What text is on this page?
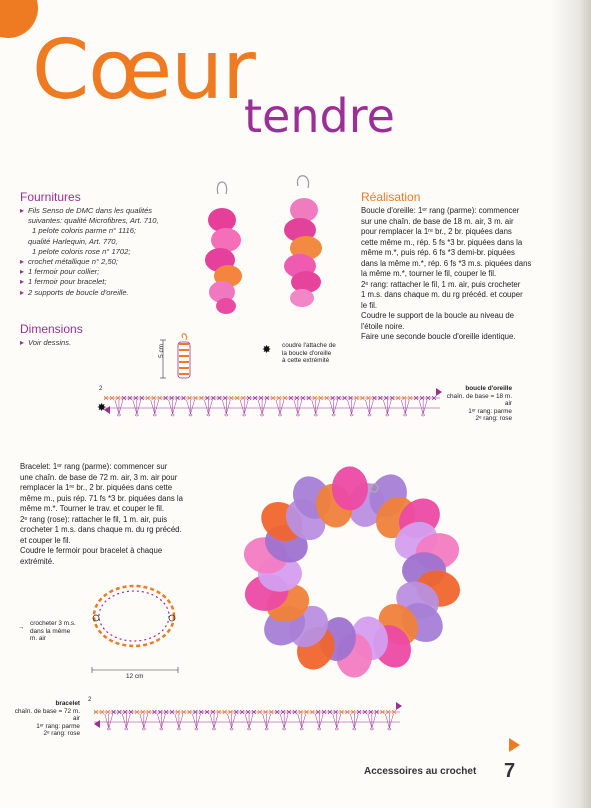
Cœur
tendre
Fournitures
▸ Fils Senso de DMC dans les qualités
suivantes: qualité Microfibres, Art. 710,
1 pelote coloris parme n° 1116;
qualité Harlequin, Art. 770,
1 pelote coloris rose n° 1702;
▸ crochet métallique n° 2,50;
▸ 1 fermoir pour collier;
▸ 1 fermoir pour bracelet;
▸ 2 supports de boucle d'oreille.
Dimensions
▸ Voir dessins.
Réalisation
Boucle d'oreille: 1ᵉʳ rang (parme): commencer
sur une chaîn. de base de 18 m. air, 3 m. air
pour remplacer la 1ʳᵉ br., 2 br. piquées dans
cette même m., rép. 5 fs *3 br. piquées dans la
même m.*, puis rép. 6 fs *3 demi-br. piquées
dans la même m.*, rép. 6 fs *3 m.s. piquées dans
la même m.*, tourner le fil, couper le fil.
2ᵉ rang: rattacher le fil, 1 m. air, puis crocheter
1 m.s. dans chaque m. du rg précéd. et couper
le fil.
Coudre le support de la boucle au niveau de
l'étoile noire.
Faire une seconde boucle d'oreille identique.
5 cm	✸ coudre l'attache de
la boucle d'oreille
à cette extrémité
2
✸
boucle d'oreille
chaîn. de base = 18 m. air
1ᵉʳ rang: parme
2ᵉ rang: rose
Bracelet: 1ᵉʳ rang (parme): commencer sur
une chaîn. de base de 72 m. air, 3 m. air pour
remplacer la 1ʳᵉ br., 2 br. piquées dans cette
même m., puis rép. 71 fs *3 br. piquées dans la
même m.*. Tourner le trav. et couper le fil.
2ᵉ rang (rose): rattacher le fil, 1 m. air, puis
crocheter 1 m.s. dans chaque m. du rg précéd.
et couper le fil.
Coudre le fermoir pour bracelet à chaque
extrémité.
→
crocheter 3 m.s.
dans la même
m. air
12 cm
bracelet
chaîn. de base = 72 m. air
1ᵉʳ rang: parme
2ᵉ rang: rose
2
Accessoires au crochet 7
